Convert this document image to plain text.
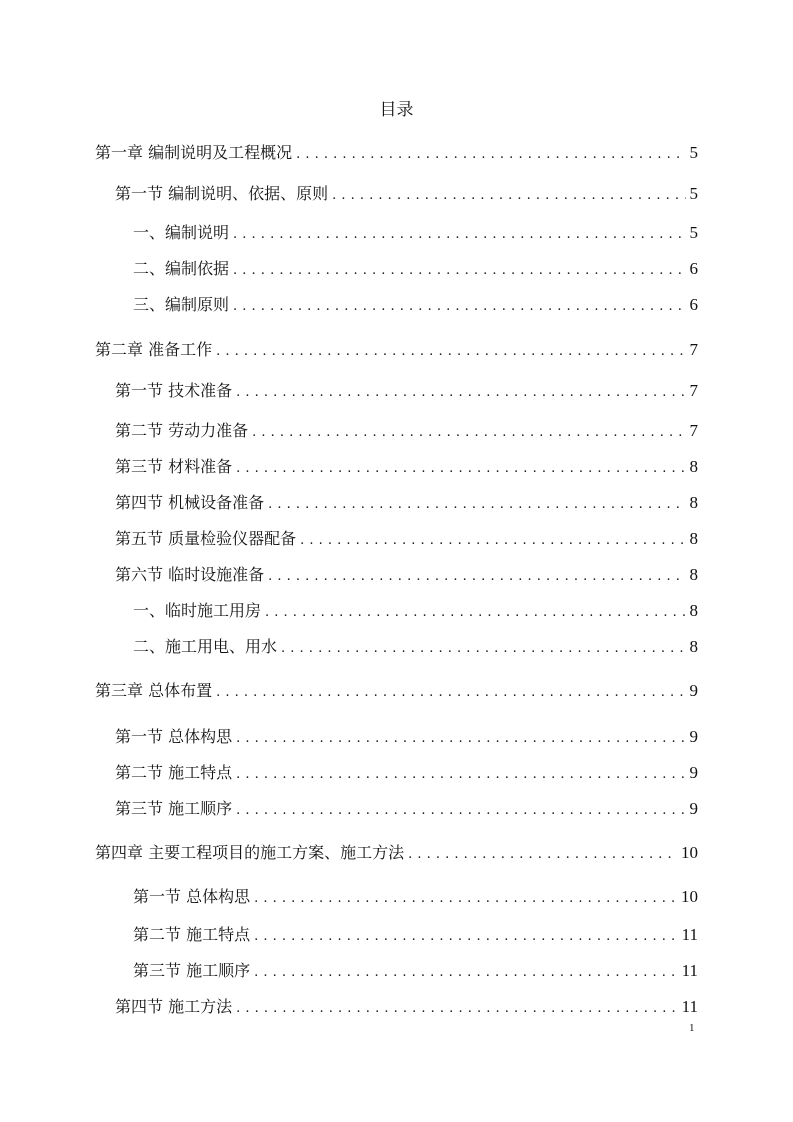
目录
第一章 编制说明及工程概况 . . .	5
第一节 编制说明、依据、原则 . . .	5
一、编制说明 . . .	5
二、编制依据 . . .	6
三、编制原则 . . .	6
第二章 准备工作 . . .	7
第一节 技术准备 . . .	7
第二节 劳动力准备 . . .	7
第三节 材料准备 . . .	8
第四节 机械设备准备 . . .	8
第五节 质量检验仪器配备 . . .	8
第六节 临时设施准备 . . .	8
一、临时施工用房 . . .	8
二、施工用电、用水 . . .	8
第三章 总体布置 . . .	9
第一节 总体构思 . . .	9
第二节 施工特点 . . .	9
第三节 施工顺序 . . .	9
第四章 主要工程项目的施工方案、施工方法 . . .	10
第一节 总体构思 . . .	10
第二节 施工特点 . . .	11
第三节 施工顺序 . . .	11
第四节 施工方法 . . .	11
1
